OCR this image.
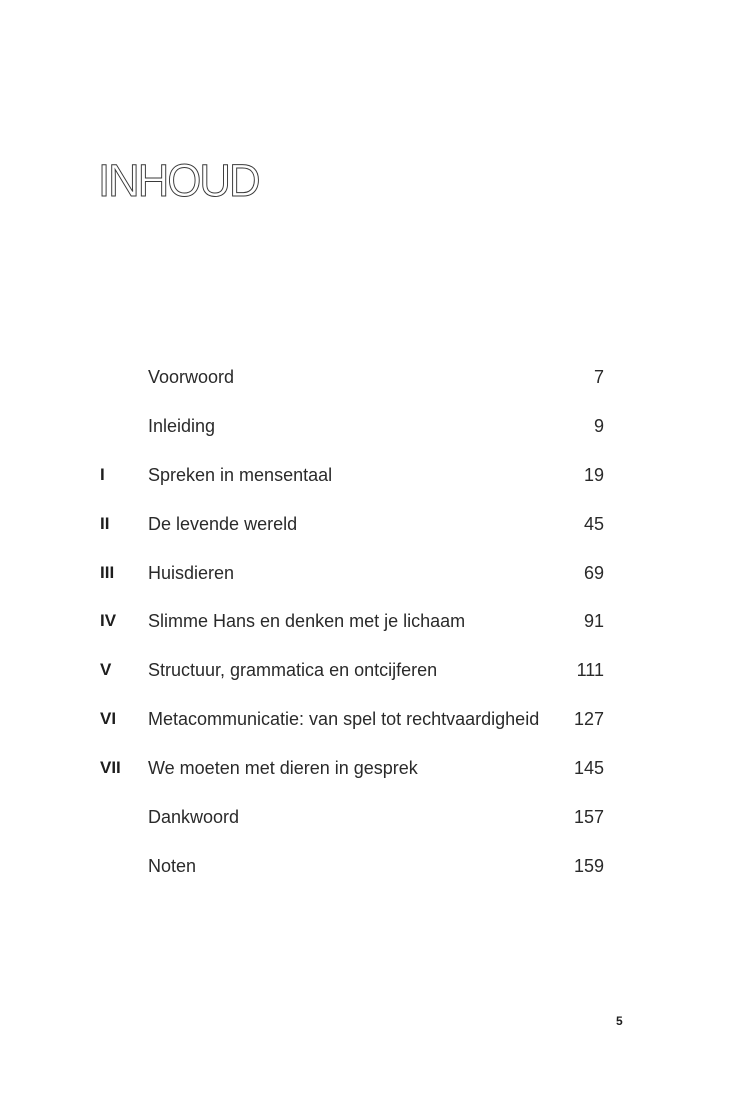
INHOUD
Voorwoord	7
Inleiding	9
I Spreken in mensentaal	19
II De levende wereld	45
III Huisdieren	69
IV Slimme Hans en denken met je lichaam	91
V Structuur, grammatica en ontcijferen	111
VI Metacommunicatie: van spel tot rechtvaardigheid 127
VII We moeten met dieren in gesprek	145
Dankwoord	157
Noten	159
5
